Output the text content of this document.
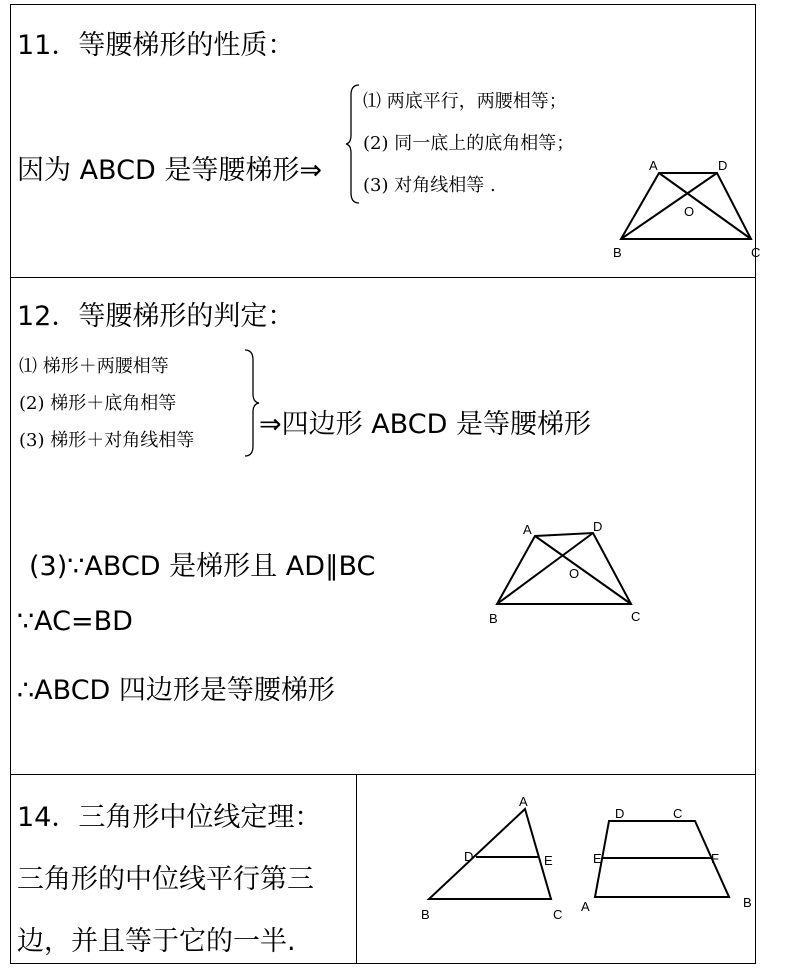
11．等腰梯形的性质：
因为 ABCD 是等腰梯形⇒
⑴ 两底平行，两腰相等；
(2) 同一底上的底角相等；
(3) 对角线相等 .
A	D
O
B	C
12．等腰梯形的判定：
⑴ 梯形＋两腰相等
(2) 梯形＋底角相等
(3) 梯形＋对角线相等
⇒四边形 ABCD 是等腰梯形
(3)∵ABCD 是梯形且 AD∥BC
∵AC=BD
∴ABCD 四边形是等腰梯形
A	D
O
B	C
14．三角形中位线定理：
三角形的中位线平行第三
边，并且等于它的一半.
A
D	E
B	C
D	C
E	F
A	B
